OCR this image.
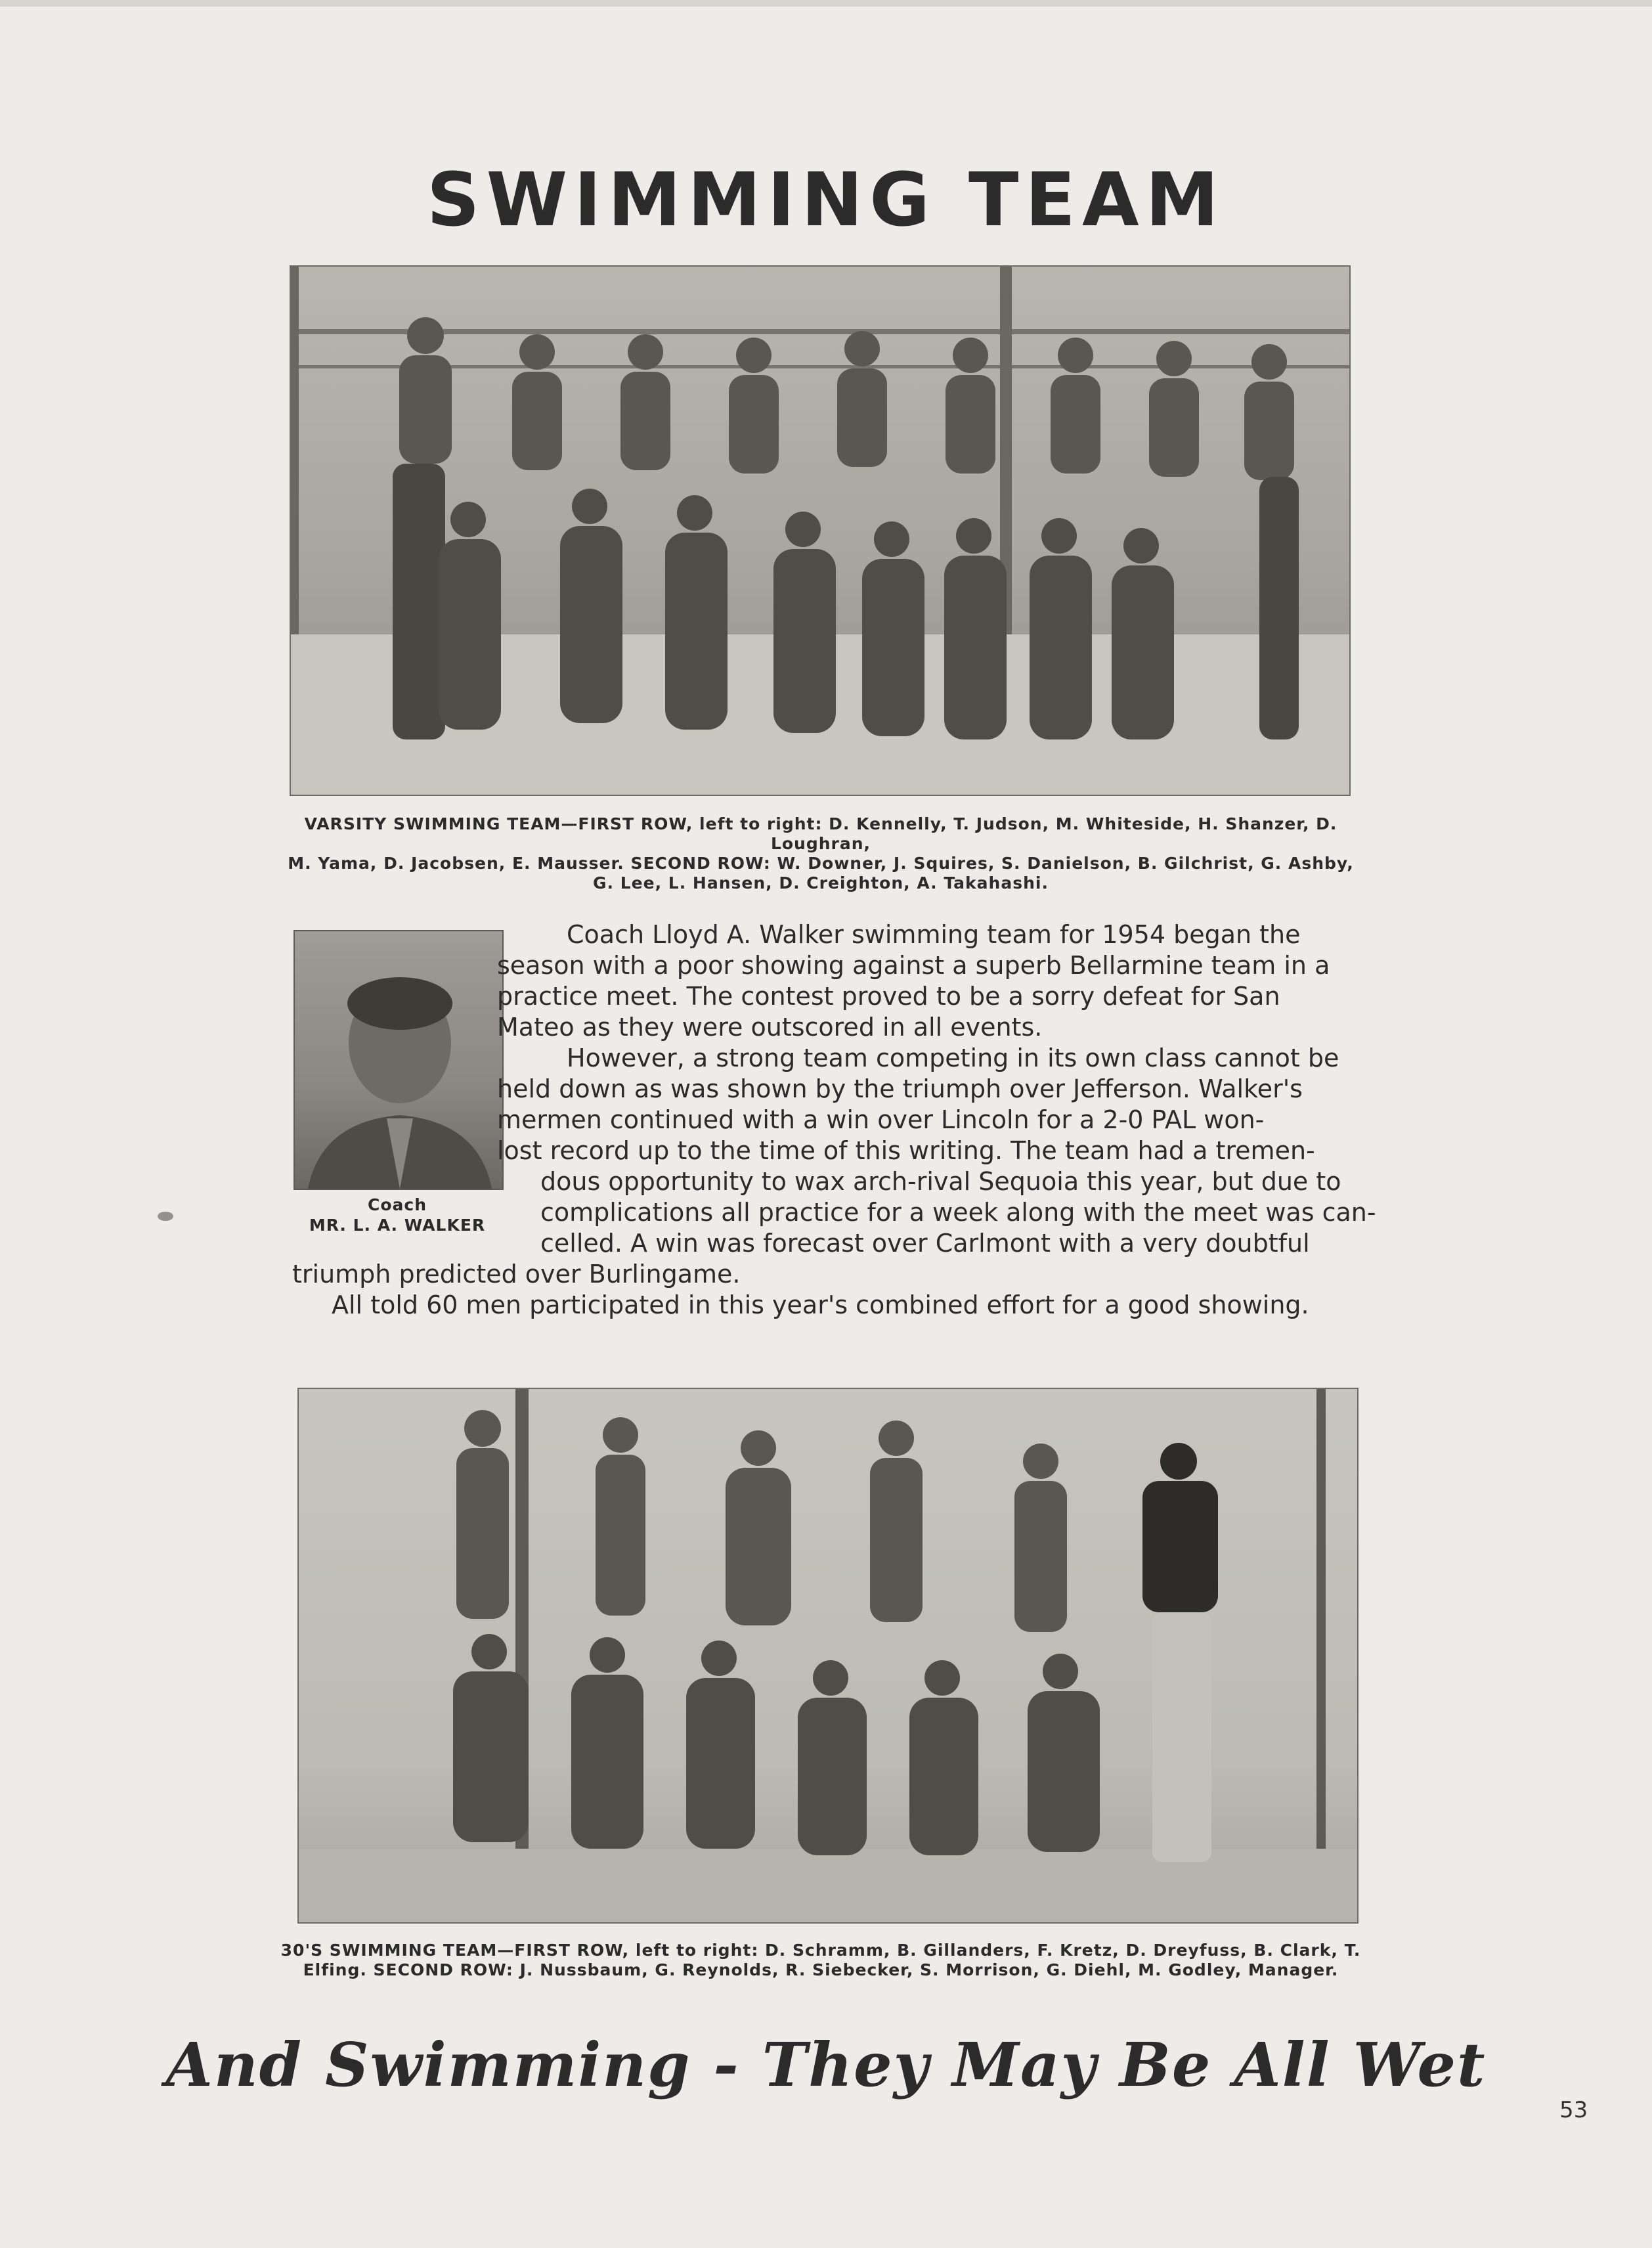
SWIMMING TEAM
VARSITY SWIMMING TEAM—FIRST ROW, left to right: D. Kennelly, T. Judson, M. Whiteside, H. Shanzer, D. Loughran,
M. Yama, D. Jacobsen, E. Mausser. SECOND ROW: W. Downer, J. Squires, S. Danielson, B. Gilchrist, G. Ashby,
G. Lee, L. Hansen, D. Creighton, A. Takahashi.
Coach
MR. L. A. WALKER
Coach Lloyd A. Walker swimming team for 1954 began the
season with a poor showing against a superb Bellarmine team in a
practice meet. The contest proved to be a sorry defeat for San
Mateo as they were outscored in all events.
However, a strong team competing in its own class cannot be
held down as was shown by the triumph over Jefferson. Walker's
mermen continued with a win over Lincoln for a 2-0 PAL won-
lost record up to the time of this writing. The team had a tremen-
dous opportunity to wax arch-rival Sequoia this year, but due to
complications all practice for a week along with the meet was can-
celled. A win was forecast over Carlmont with a very doubtful
triumph predicted over Burlingame.
All told 60 men participated in this year's combined effort for a good showing.
30'S SWIMMING TEAM—FIRST ROW, left to right: D. Schramm, B. Gillanders, F. Kretz, D. Dreyfuss, B. Clark, T.
Elfing. SECOND ROW: J. Nussbaum, G. Reynolds, R. Siebecker, S. Morrison, G. Diehl, M. Godley, Manager.
And Swimming - They May Be All Wet
53
